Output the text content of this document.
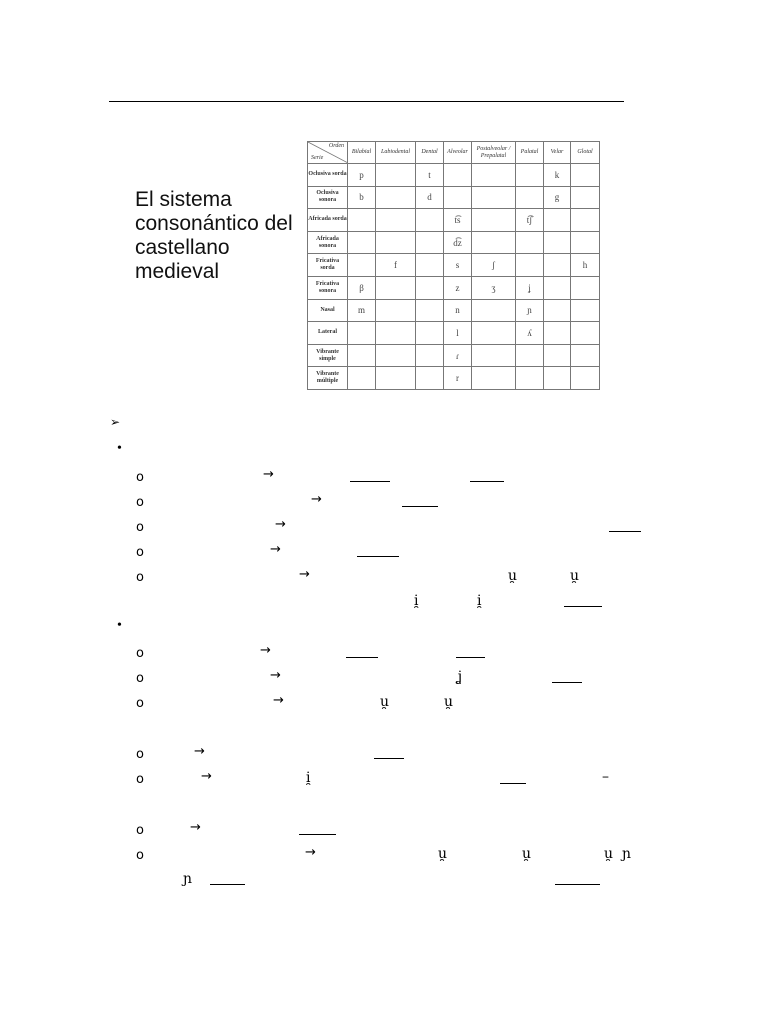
El sistema consonántico del castellano medieval
Orden
Serie	Bilabial	Labiodental	Dental	Alveolar	Postalveolar / Prepalatal	Palatal	Velar	Glotal
Oclusiva sorda	p		t				k	
Oclusiva sonora	b		d				g	
Africada sorda				t͡s		t͡ʃ		
Africada sonora				d͡z				
Fricativa sorda		f		s	ʃ			h
Fricativa sonora	β			z	ʒ	ʝ		
Nasal	m			n		ɲ		
Lateral				l		ʎ		
Vibrante simple				ɾ				
Vibrante múltiple				r				
➢
•
o	→
o	→
o	→
o	→
o	→	u̯	u̯
i̯	i̯
•
o	→
o	→	ʝ
o	→	u̯	u̯
o	→
o	→	i̯	–
o	→
o	→	u̯	u̯	u̯ ɲ
ɲ
